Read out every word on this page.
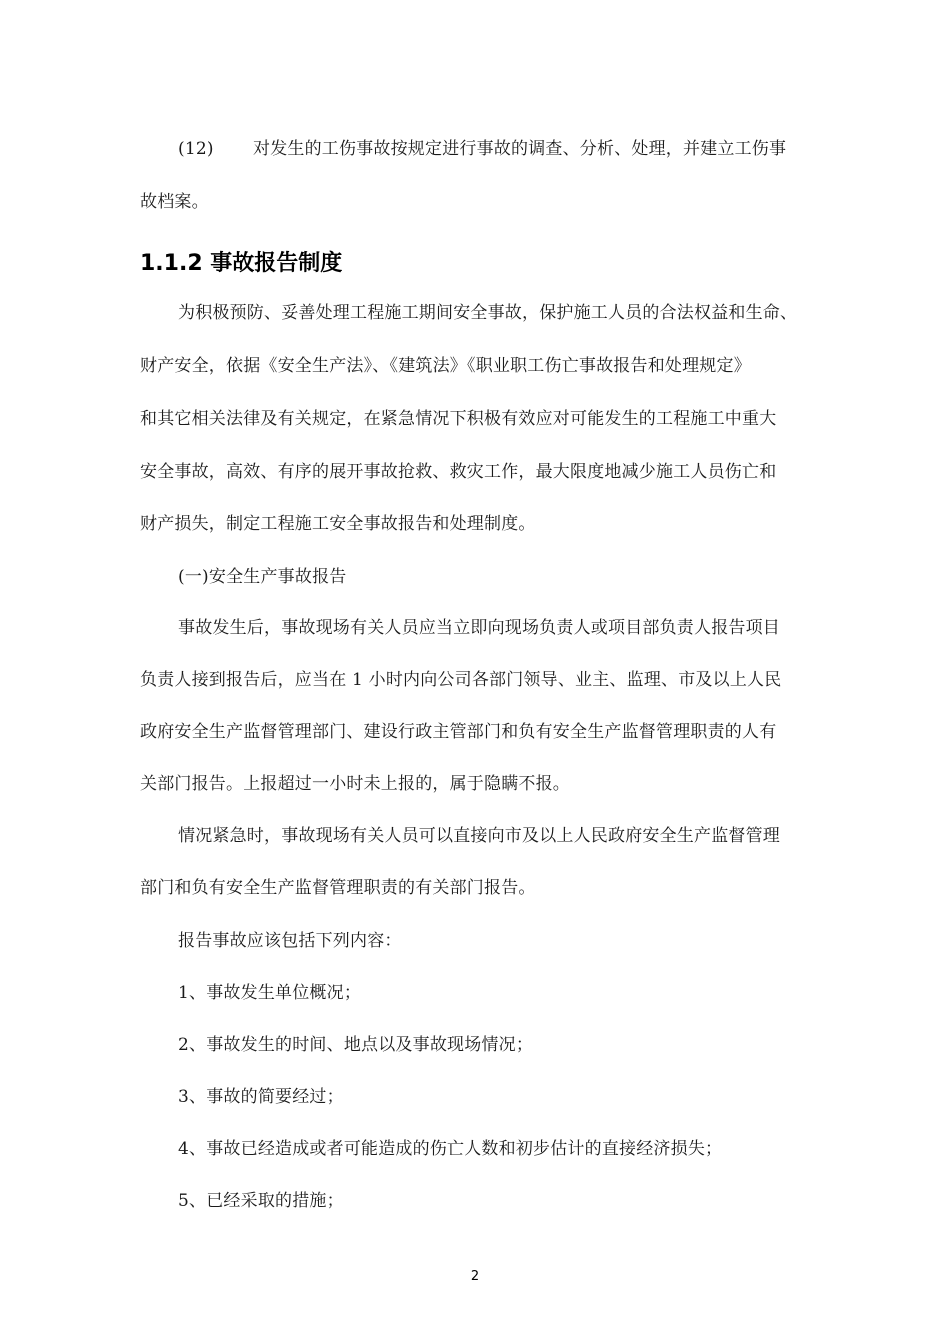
(12) 对发生的工伤事故按规定进行事故的调查、分析、处理，并建立工伤事
故档案。
1.1.2 事故报告制度
为积极预防、妥善处理工程施工期间安全事故，保护施工人员的合法权益和生命、
财产安全，依据《安全生产法》、《建筑法》《职业职工伤亡事故报告和处理规定》
和其它相关法律及有关规定，在紧急情况下积极有效应对可能发生的工程施工中重大
安全事故，高效、有序的展开事故抢救、救灾工作，最大限度地减少施工人员伤亡和
财产损失，制定工程施工安全事故报告和处理制度。
(一)安全生产事故报告
事故发生后，事故现场有关人员应当立即向现场负责人或项目部负责人报告项目
负责人接到报告后，应当在 1 小时内向公司各部门领导、业主、监理、市及以上人民
政府安全生产监督管理部门、建设行政主管部门和负有安全生产监督管理职责的人有
关部门报告。上报超过一小时未上报的，属于隐瞒不报。
情况紧急时，事故现场有关人员可以直接向市及以上人民政府安全生产监督管理
部门和负有安全生产监督管理职责的有关部门报告。
报告事故应该包括下列内容：
1、事故发生单位概况；
2、事故发生的时间、地点以及事故现场情况；
3、事故的简要经过；
4、事故已经造成或者可能造成的伤亡人数和初步估计的直接经济损失；
5、已经采取的措施；
2
